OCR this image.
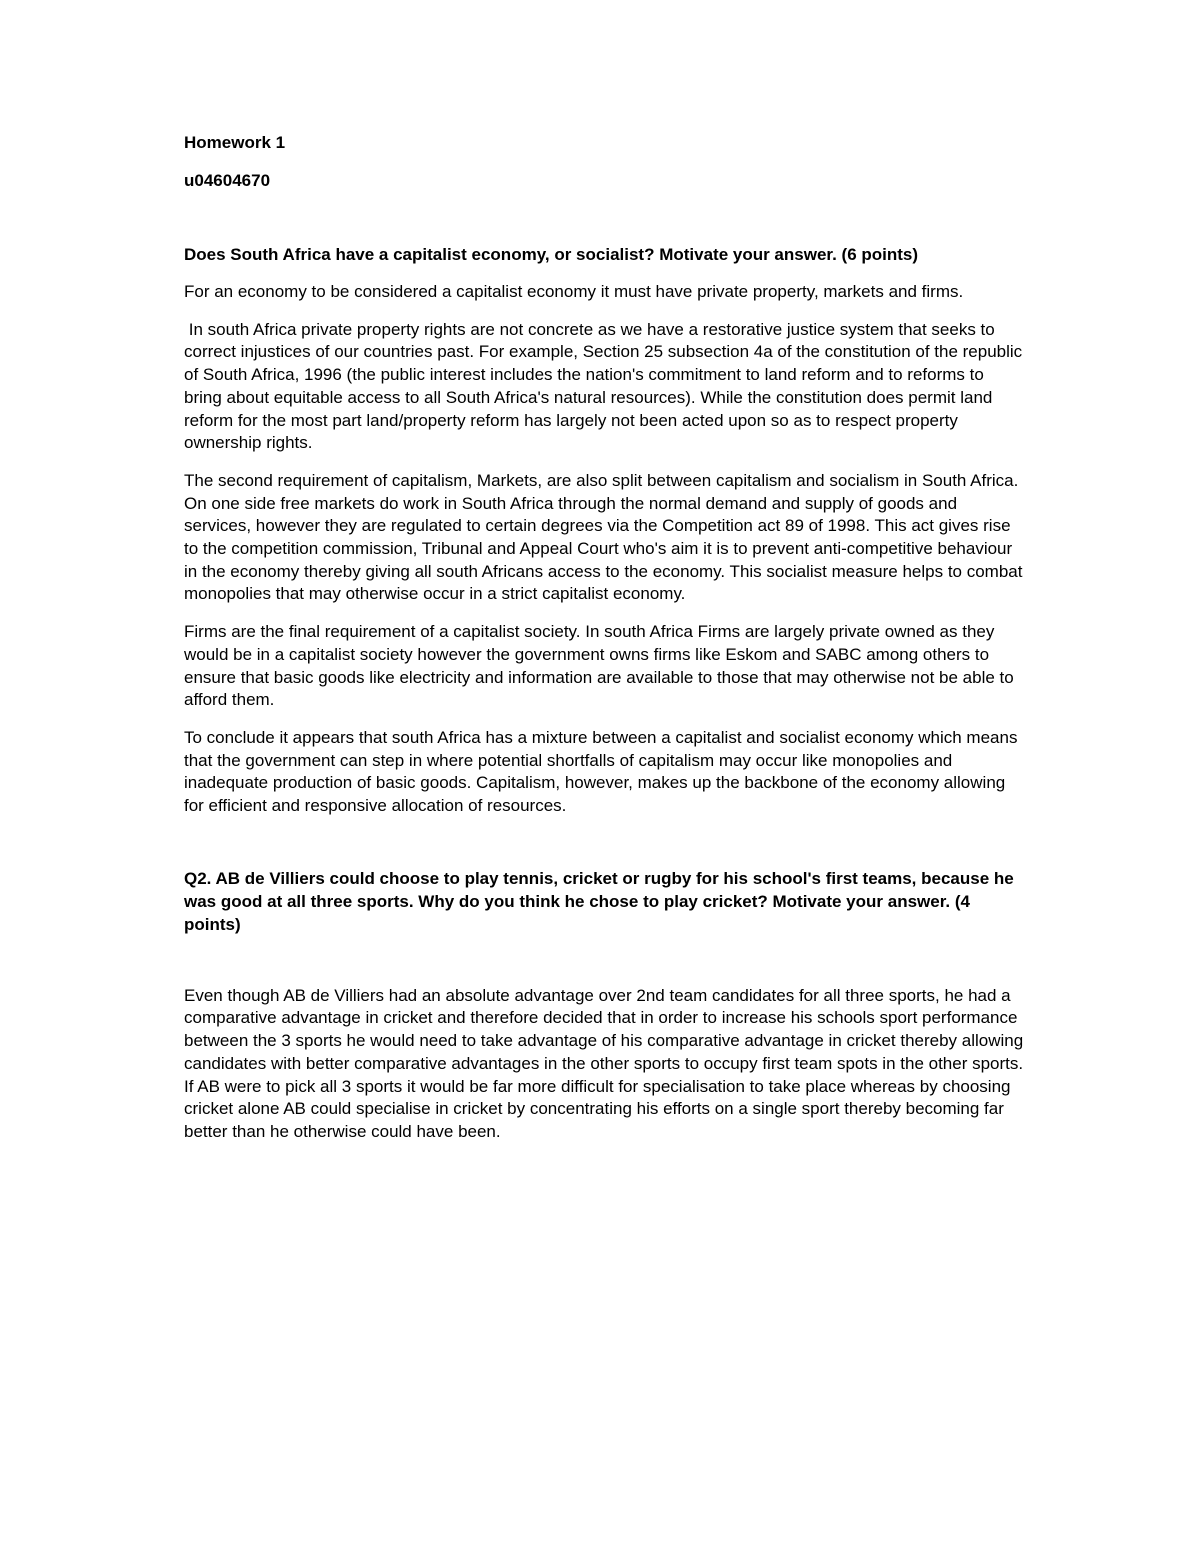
Homework 1

u04604670

Does South Africa have a capitalist economy, or socialist? Motivate your answer. (6 points)

For an economy to be considered a capitalist economy it must have private property, markets and firms.

In south Africa private property rights are not concrete as we have a restorative justice system that seeks to correct injustices of our countries past. For example, Section 25 subsection 4a of the constitution of the republic of South Africa, 1996 (the public interest includes the nation's commitment to land reform and to reforms to bring about equitable access to all South Africa's natural resources). While the constitution does permit land reform for the most part land/property reform has largely not been acted upon so as to respect property ownership rights.

The second requirement of capitalism, Markets, are also split between capitalism and socialism in South Africa. On one side free markets do work in South Africa through the normal demand and supply of goods and services, however they are regulated to certain degrees via the Competition act 89 of 1998. This act gives rise to the competition commission, Tribunal and Appeal Court who's aim it is to prevent anti-competitive behaviour in the economy thereby giving all south Africans access to the economy. This socialist measure helps to combat monopolies that may otherwise occur in a strict capitalist economy.

Firms are the final requirement of a capitalist society. In south Africa Firms are largely private owned as they would be in a capitalist society however the government owns firms like Eskom and SABC among others to ensure that basic goods like electricity and information are available to those that may otherwise not be able to afford them.

To conclude it appears that south Africa has a mixture between a capitalist and socialist economy which means that the government can step in where potential shortfalls of capitalism may occur like monopolies and inadequate production of basic goods. Capitalism, however, makes up the backbone of the economy allowing for efficient and responsive allocation of resources.

Q2. AB de Villiers could choose to play tennis, cricket or rugby for his school's first teams, because he was good at all three sports. Why do you think he chose to play cricket? Motivate your answer. (4 points)

Even though AB de Villiers had an absolute advantage over 2nd team candidates for all three sports, he had a comparative advantage in cricket and therefore decided that in order to increase his schools sport performance between the 3 sports he would need to take advantage of his comparative advantage in cricket thereby allowing candidates with better comparative advantages in the other sports to occupy first team spots in the other sports. If AB were to pick all 3 sports it would be far more difficult for specialisation to take place whereas by choosing cricket alone AB could specialise in cricket by concentrating his efforts on a single sport thereby becoming far better than he otherwise could have been.
